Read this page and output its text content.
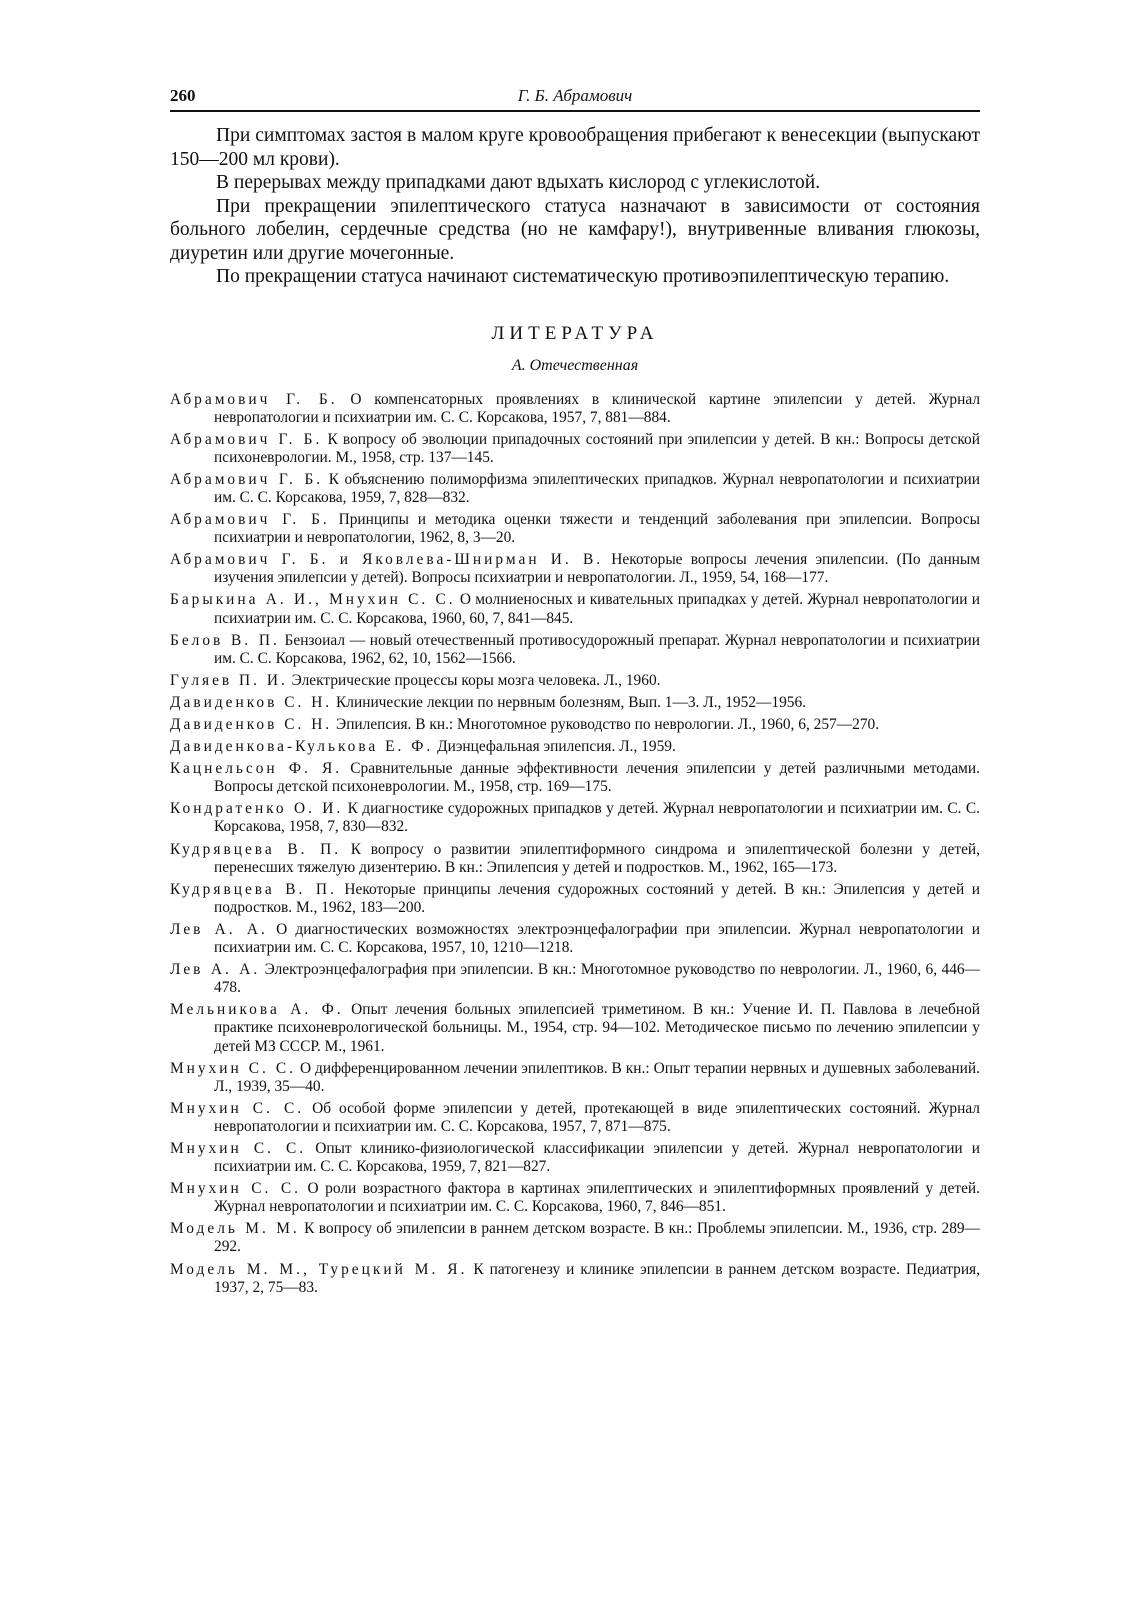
260	Г. Б. Абрамович

При симптомах застоя в малом круге кровообращения прибегают к венесекции (выпускают 150—200 мл крови).

В перерывах между припадками дают вдыхать кислород с углекислотой.

При прекращении эпилептического статуса назначают в зависимости от состояния больного лобелин, сердечные средства (но не камфару!), внутривенные вливания глюкозы, диуретин или другие мочегонные.

По прекращении статуса начинают систематическую противоэпилептическую терапию.

ЛИТЕРАТУРА
А. Отечественная

Абрамович Г. Б. О компенсаторных проявлениях в клинической картине эпилепсии у детей. Журнал невропатологии и психиатрии им. С. С. Корсакова, 1957, 7, 881—884.

Абрамович Г. Б. К вопросу об эволюции припадочных состояний при эпилепсии у детей. В кн.: Вопросы детской психоневрологии. М., 1958, стр. 137—145.

Абрамович Г. Б. К объяснению полиморфизма эпилептических припадков. Журнал невропатологии и психиатрии им. С. С. Корсакова, 1959, 7, 828—832.

Абрамович Г. Б. Принципы и методика оценки тяжести и тенденций заболевания при эпилепсии. Вопросы психиатрии и невропатологии, 1962, 8, 3—20.

Абрамович Г. Б. и Яковлева-Шнирман И. В. Некоторые вопросы лечения эпилепсии. (По данным изучения эпилепсии у детей). Вопросы психиатрии и невропатологии. Л., 1959, 54, 168—177.

Барыкина А. И., Мнухин С. С. О молниеносных и кивательных припадках у детей. Журнал невропатологии и психиатрии им. С. С. Корсакова, 1960, 60, 7, 841—845.

Белов В. П. Бензоиал — новый отечественный противосудорожный препарат. Журнал невропатологии и психиатрии им. С. С. Корсакова, 1962, 62, 10, 1562—1566.

Гуляев П. И. Электрические процессы коры мозга человека. Л., 1960.

Давиденков С. Н. Клинические лекции по нервным болезням, Вып. 1—3. Л., 1952—1956.

Давиденков С. Н. Эпилепсия. В кн.: Многотомное руководство по неврологии. Л., 1960, 6, 257—270.

Давиденкова-Кулькова Е. Ф. Диэнцефальная эпилепсия. Л., 1959.

Кацнельсон Ф. Я. Сравнительные данные эффективности лечения эпилепсии у детей различными методами. Вопросы детской психоневрологии. М., 1958, стр. 169—175.

Кондратенко О. И. К диагностике судорожных припадков у детей. Журнал невропатологии и психиатрии им. С. С. Корсакова, 1958, 7, 830—832.

Кудрявцева В. П. К вопросу о развитии эпилептиформного синдрома и эпилептической болезни у детей, перенесших тяжелую дизентерию. В кн.: Эпилепсия у детей и подростков. М., 1962, 165—173.

Кудрявцева В. П. Некоторые принципы лечения судорожных состояний у детей. В кн.: Эпилепсия у детей и подростков. М., 1962, 183—200.

Лев А. А. О диагностических возможностях электроэнцефалографии при эпилепсии. Журнал невропатологии и психиатрии им. С. С. Корсакова, 1957, 10, 1210—1218.

Лев А. А. Электроэнцефалография при эпилепсии. В кн.: Многотомное руководство по неврологии. Л., 1960, 6, 446—478.

Мельникова А. Ф. Опыт лечения больных эпилепсией триметином. В кн.: Учение И. П. Павлова в лечебной практике психоневрологической больницы. М., 1954, стр. 94—102. Методическое письмо по лечению эпилепсии у детей МЗ СССР. М., 1961.

Мнухин С. С. О дифференцированном лечении эпилептиков. В кн.: Опыт терапии нервных и душевных заболеваний. Л., 1939, 35—40.

Мнухин С. С. Об особой форме эпилепсии у детей, протекающей в виде эпилептических состояний. Журнал невропатологии и психиатрии им. С. С. Корсакова, 1957, 7, 871—875.

Мнухин С. С. Опыт клинико-физиологической классификации эпилепсии у детей. Журнал невропатологии и психиатрии им. С. С. Корсакова, 1959, 7, 821—827.

Мнухин С. С. О роли возрастного фактора в картинах эпилептических и эпилептиформных проявлений у детей. Журнал невропатологии и психиатрии им. С. С. Корсакова, 1960, 7, 846—851.

Модель М. М. К вопросу об эпилепсии в раннем детском возрасте. В кн.: Проблемы эпилепсии. М., 1936, стр. 289—292.

Модель М. М., Турецкий М. Я. К патогенезу и клинике эпилепсии в раннем детском возрасте. Педиатрия, 1937, 2, 75—83.
